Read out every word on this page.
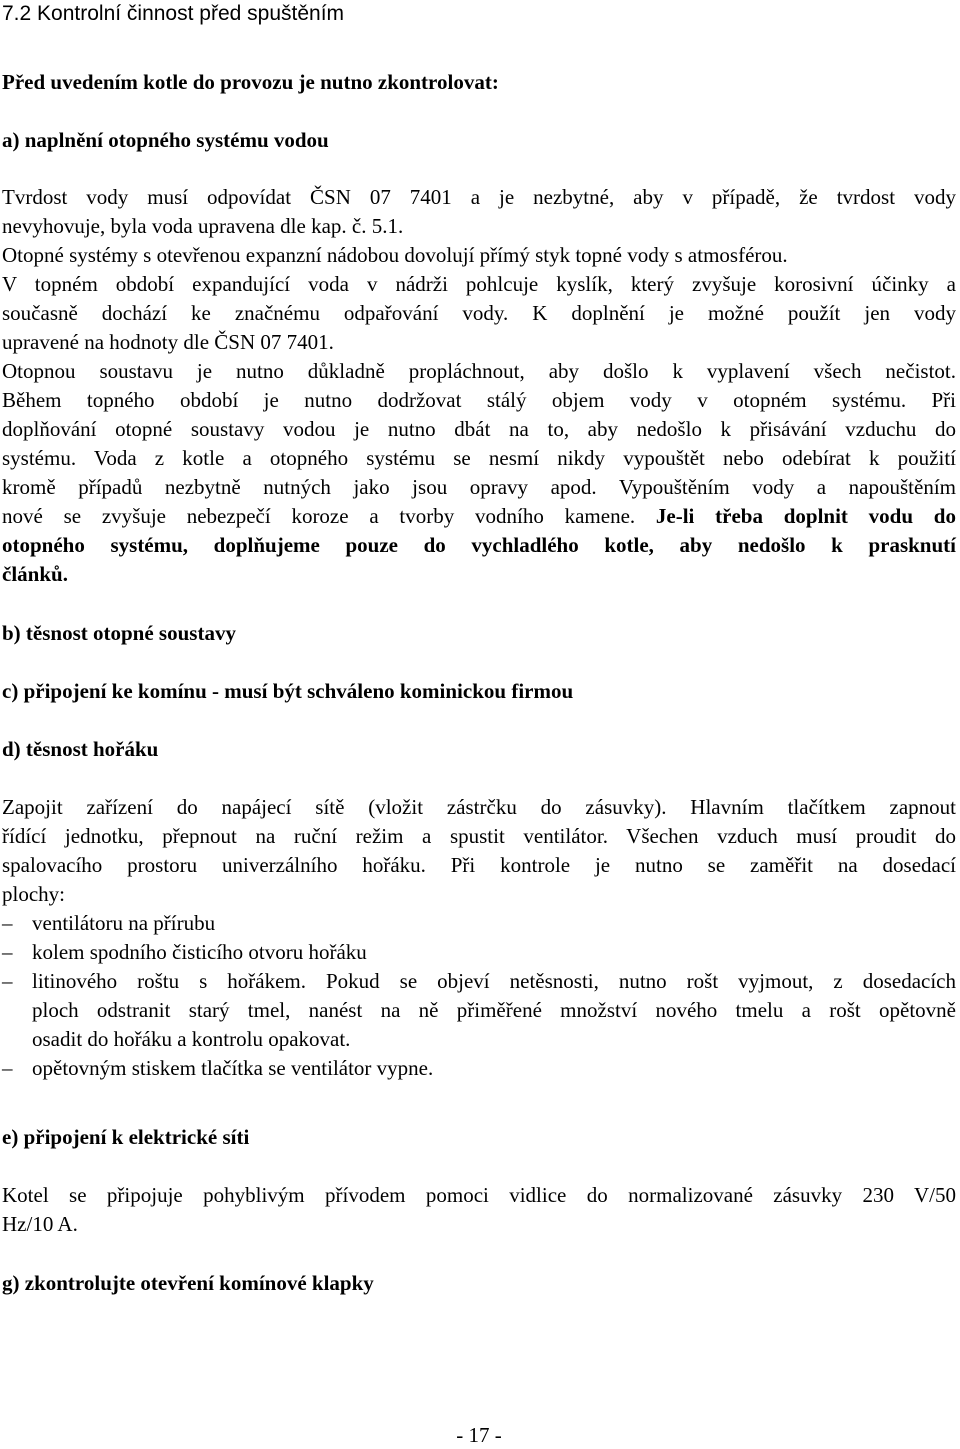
7.2 Kontrolní činnost před spuštěním
Před uvedením kotle do provozu je nutno zkontrolovat:
a) naplnění otopného systému vodou
Tvrdost vody musí odpovídat ČSN 07 7401 a je nezbytné, aby v případě, že tvrdost vody
nevyhovuje, byla voda upravena dle kap. č. 5.1.
Otopné systémy s otevřenou expanzní nádobou dovolují přímý styk topné vody s atmosférou.
V topném období expandující voda v nádrži pohlcuje kyslík, který zvyšuje korosivní účinky a
současně dochází ke značnému odpařování vody. K doplnění je možné použít jen vody
upravené na hodnoty dle ČSN 07 7401.
Otopnou soustavu je nutno důkladně propláchnout, aby došlo k vyplavení všech nečistot.
Během topného období je nutno dodržovat stálý objem vody v otopném systému. Při
doplňování otopné soustavy vodou je nutno dbát na to, aby nedošlo k přisávání vzduchu do
systému. Voda z kotle a otopného systému se nesmí nikdy vypouštět nebo odebírat k použití
kromě případů nezbytně nutných jako jsou opravy apod. Vypouštěním vody a napouštěním
nové se zvyšuje nebezpečí koroze a tvorby vodního kamene. Je-li třeba doplnit vodu do
otopného systému, doplňujeme pouze do vychladlého kotle, aby nedošlo k prasknutí
článků.
b) těsnost otopné soustavy
c) připojení ke komínu - musí být schváleno kominickou firmou
d) těsnost hořáku
Zapojit zařízení do napájecí sítě (vložit zástrčku do zásuvky). Hlavním tlačítkem zapnout
řídící jednotku, přepnout na ruční režim a spustit ventilátor. Všechen vzduch musí proudit do
spalovacího prostoru univerzálního hořáku. Při kontrole je nutno se zaměřit na dosedací
plochy:
– ventilátoru na přírubu
– kolem spodního čisticího otvoru hořáku
– litinového roštu s hořákem. Pokud se objeví netěsnosti, nutno rošt vyjmout, z dosedacích
ploch odstranit starý tmel, nanést na ně přiměřené množství nového tmelu a rošt opětovně
osadit do hořáku a kontrolu opakovat.
– opětovným stiskem tlačítka se ventilátor vypne.
e) připojení k elektrické síti
Kotel se připojuje pohyblivým přívodem pomoci vidlice do normalizované zásuvky 230 V/50
Hz/10 A.
g) zkontrolujte otevření komínové klapky
- 17 -
